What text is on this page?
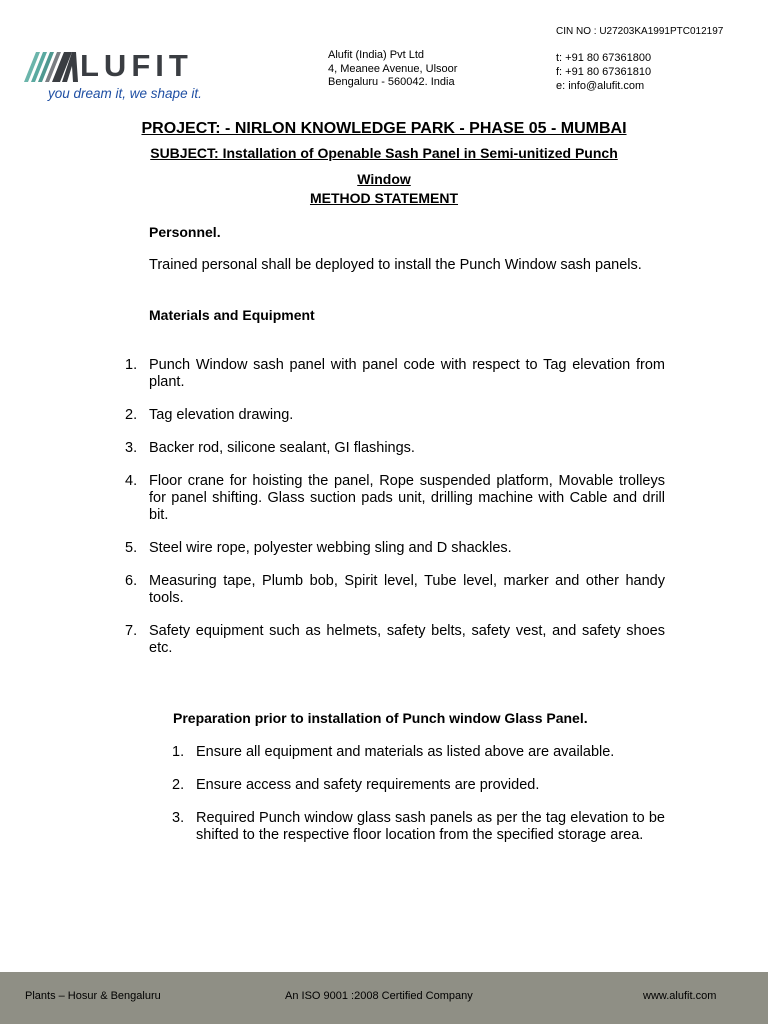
CIN NO : U27203KA1991PTC012197
LUFIT
you dream it, we shape it.
Alufit (India) Pvt Ltd
4, Meanee Avenue, Ulsoor
Bengaluru - 560042. India
t: +91 80 67361800
f: +91 80 67361810
e: info@alufit.com
PROJECT: - NIRLON KNOWLEDGE PARK - PHASE 05 - MUMBAI
SUBJECT: Installation of Openable Sash Panel in Semi-unitized Punch Window
METHOD STATEMENT
Personnel.
Trained personal shall be deployed to install the Punch Window sash panels.
Materials and Equipment
1. Punch Window sash panel with panel code with respect to Tag elevation from plant.
2. Tag elevation drawing.
3. Backer rod, silicone sealant, GI flashings.
4. Floor crane for hoisting the panel, Rope suspended platform, Movable trolleys for panel shifting. Glass suction pads unit, drilling machine with Cable and drill bit.
5. Steel wire rope, polyester webbing sling and D shackles.
6. Measuring tape, Plumb bob, Spirit level, Tube level, marker and other handy tools.
7. Safety equipment such as helmets, safety belts, safety vest, and safety shoes etc.
Preparation prior to installation of Punch window Glass Panel.
1. Ensure all equipment and materials as listed above are available.
2. Ensure access and safety requirements are provided.
3. Required Punch window glass sash panels as per the tag elevation to be shifted to the respective floor location from the specified storage area.
Plants – Hosur & Bengaluru	An ISO 9001 :2008 Certified Company	www.alufit.com
